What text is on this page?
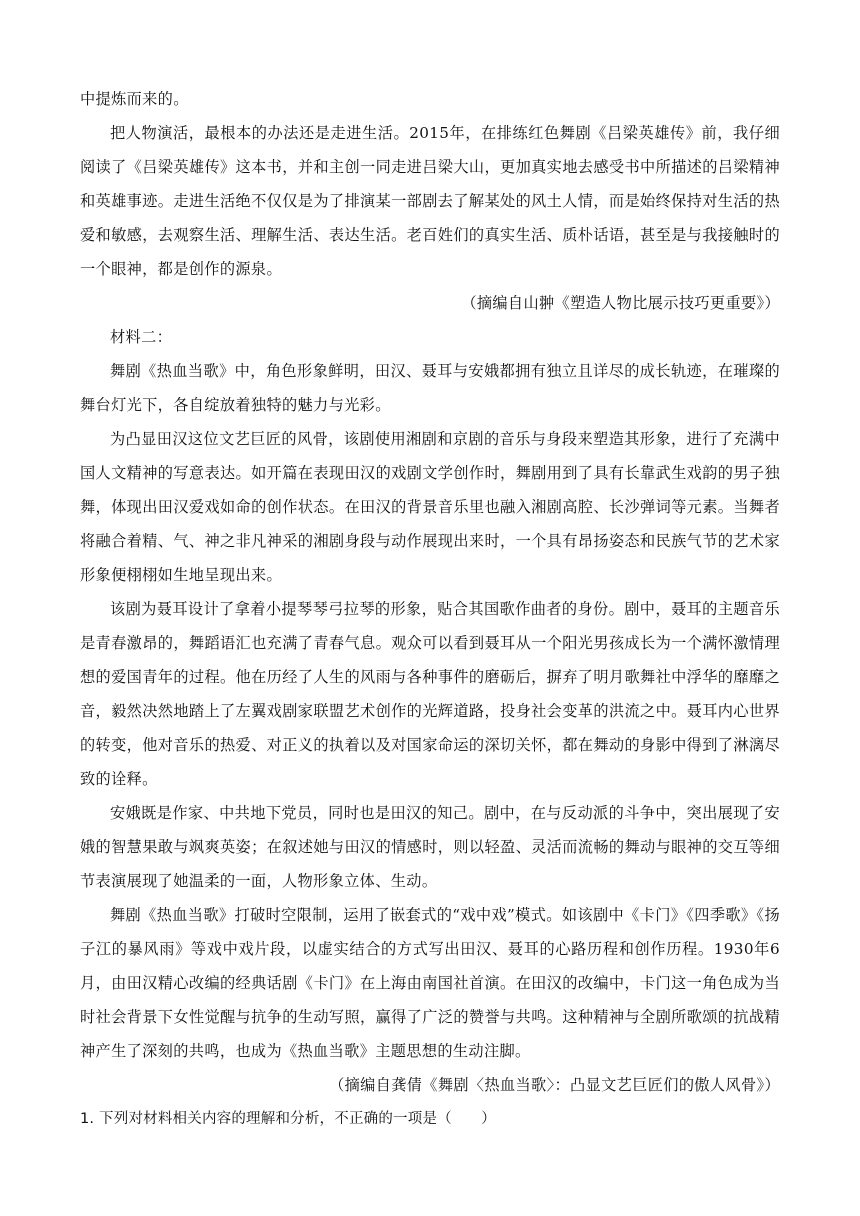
中提炼而来的。

把人物演活，最根本的办法还是走进生活。2015年，在排练红色舞剧《吕梁英雄传》前，我仔细阅读了《吕梁英雄传》这本书，并和主创一同走进吕梁大山，更加真实地去感受书中所描述的吕梁精神和英雄事迹。走进生活绝不仅仅是为了排演某一部剧去了解某处的风土人情，而是始终保持对生活的热爱和敏感，去观察生活、理解生活、表达生活。老百姓们的真实生活、质朴话语，甚至是与我接触时的一个眼神，都是创作的源泉。

（摘编自山翀《塑造人物比展示技巧更重要》）

材料二：

舞剧《热血当歌》中，角色形象鲜明，田汉、聂耳与安娥都拥有独立且详尽的成长轨迹，在璀璨的舞台灯光下，各自绽放着独特的魅力与光彩。

为凸显田汉这位文艺巨匠的风骨，该剧使用湘剧和京剧的音乐与身段来塑造其形象，进行了充满中国人文精神的写意表达。如开篇在表现田汉的戏剧文学创作时，舞剧用到了具有长靠武生戏韵的男子独舞，体现出田汉爱戏如命的创作状态。在田汉的背景音乐里也融入湘剧高腔、长沙弹词等元素。当舞者将融合着精、气、神之非凡神采的湘剧身段与动作展现出来时，一个具有昂扬姿态和民族气节的艺术家形象便栩栩如生地呈现出来。

该剧为聂耳设计了拿着小提琴琴弓拉琴的形象，贴合其国歌作曲者的身份。剧中，聂耳的主题音乐是青春激昂的，舞蹈语汇也充满了青春气息。观众可以看到聂耳从一个阳光男孩成长为一个满怀激情理想的爱国青年的过程。他在历经了人生的风雨与各种事件的磨砺后，摒弃了明月歌舞社中浮华的靡靡之音，毅然决然地踏上了左翼戏剧家联盟艺术创作的光辉道路，投身社会变革的洪流之中。聂耳内心世界的转变，他对音乐的热爱、对正义的执着以及对国家命运的深切关怀，都在舞动的身影中得到了淋漓尽致的诠释。

安娥既是作家、中共地下党员，同时也是田汉的知己。剧中，在与反动派的斗争中，突出展现了安娥的智慧果敢与飒爽英姿；在叙述她与田汉的情感时，则以轻盈、灵活而流畅的舞动与眼神的交互等细节表演展现了她温柔的一面，人物形象立体、生动。

舞剧《热血当歌》打破时空限制，运用了嵌套式的“戏中戏”模式。如该剧中《卡门》《四季歌》《扬子江的暴风雨》等戏中戏片段，以虚实结合的方式写出田汉、聂耳的心路历程和创作历程。1930年6月，由田汉精心改编的经典话剧《卡门》在上海由南国社首演。在田汉的改编中，卡门这一角色成为当时社会背景下女性觉醒与抗争的生动写照，赢得了广泛的赞誉与共鸣。这种精神与全剧所歌颂的抗战精神产生了深刻的共鸣，也成为《热血当歌》主题思想的生动注脚。

（摘编自龚倩《舞剧〈热血当歌〉：凸显文艺巨匠们的傲人风骨》）

1. 下列对材料相关内容的理解和分析，不正确的一项是（　　）
